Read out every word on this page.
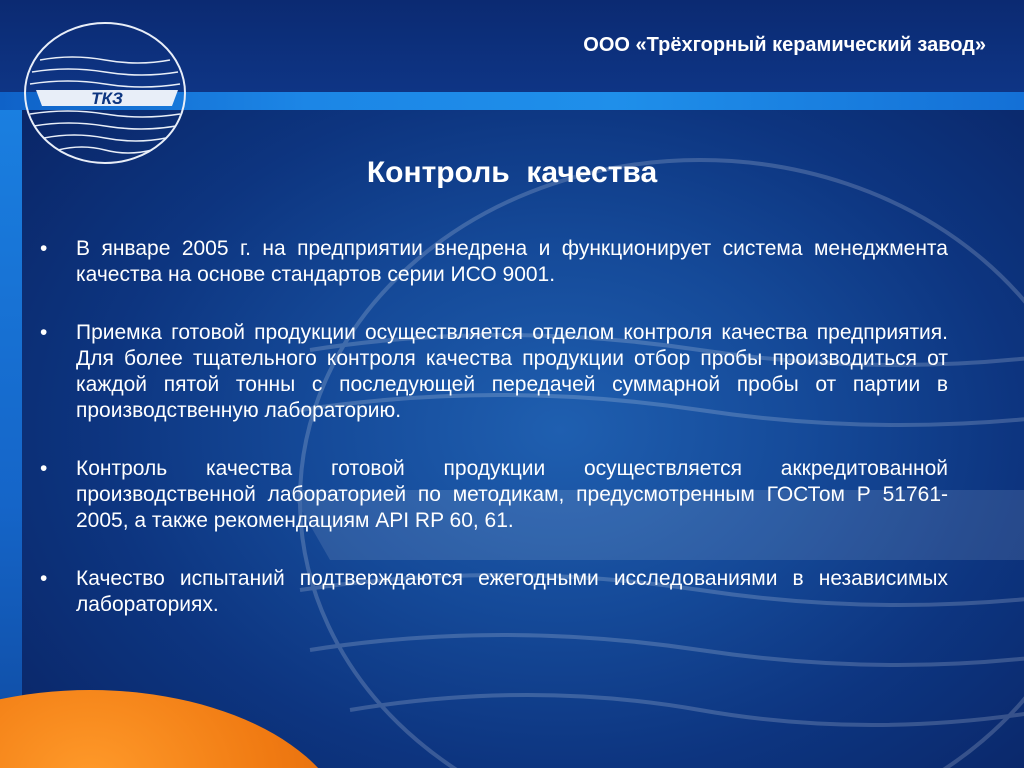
ТКЗ
ООО «Трёхгорный керамический завод»
Контроль  качества
• В январе 2005 г. на предприятии внедрена и функционирует система менеджмента качества на основе стандартов серии ИСО 9001.
• Приемка готовой продукции осуществляется отделом контроля качества предприятия. Для более тщательного контроля качества продукции отбор пробы производиться от каждой пятой тонны с последующей передачей суммарной пробы от партии в производственную лабораторию.
• Контроль качества готовой продукции осуществляется аккредитованной производственной лабораторией по методикам, предусмотренным ГОСТом Р 51761-2005, а также рекомендациям API RP 60, 61.
• Качество испытаний подтверждаются ежегодными исследованиями в независимых лабораториях.
